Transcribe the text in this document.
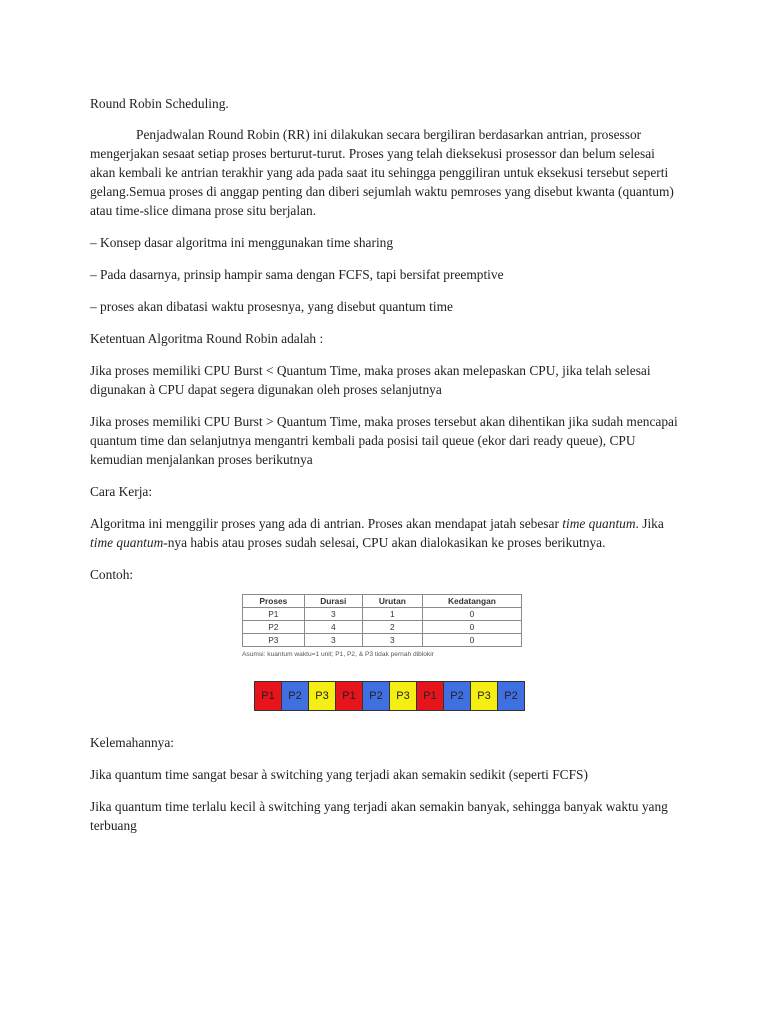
Round Robin Scheduling.

Penjadwalan Round Robin (RR) ini dilakukan secara bergiliran berdasarkan antrian, prosessor mengerjakan sesaat setiap proses berturut-turut. Proses yang telah dieksekusi prosessor dan belum selesai akan kembali ke antrian terakhir yang ada pada saat itu sehingga penggiliran untuk eksekusi tersebut seperti gelang.Semua proses di anggap penting dan diberi sejumlah waktu pemroses yang disebut kwanta (quantum) atau time-slice dimana prose situ berjalan.

– Konsep dasar algoritma ini menggunakan time sharing

– Pada dasarnya, prinsip hampir sama dengan FCFS, tapi bersifat preemptive

– proses akan dibatasi waktu prosesnya, yang disebut quantum time

Ketentuan Algoritma Round Robin adalah :

Jika proses memiliki CPU Burst < Quantum Time, maka proses akan melepaskan CPU, jika telah selesai digunakan à CPU dapat segera digunakan oleh proses selanjutnya

Jika proses memiliki CPU Burst > Quantum Time, maka proses tersebut akan dihentikan jika sudah mencapai quantum time dan selanjutnya mengantri kembali pada posisi tail queue (ekor dari ready queue), CPU kemudian menjalankan proses berikutnya

Cara Kerja:

Algoritma ini menggilir proses yang ada di antrian. Proses akan mendapat jatah sebesar time quantum. Jika time quantum-nya habis atau proses sudah selesai, CPU akan dialokasikan ke proses berikutnya.

Contoh:

Proses	Durasi	Urutan	Kedatangan
P1	3	1	0
P2	4	2	0
P3	3	3	0
Asumsi: kuantum waktu=1 unit; P1, P2, & P3 tidak pernah diblokir
P1	P2	P3	P1	P2	P3	P1	P2	P3	P2

Kelemahannya:

Jika quantum time sangat besar à switching yang terjadi akan semakin sedikit (seperti FCFS)

Jika quantum time terlalu kecil à switching yang terjadi akan semakin banyak, sehingga banyak waktu yang terbuang
